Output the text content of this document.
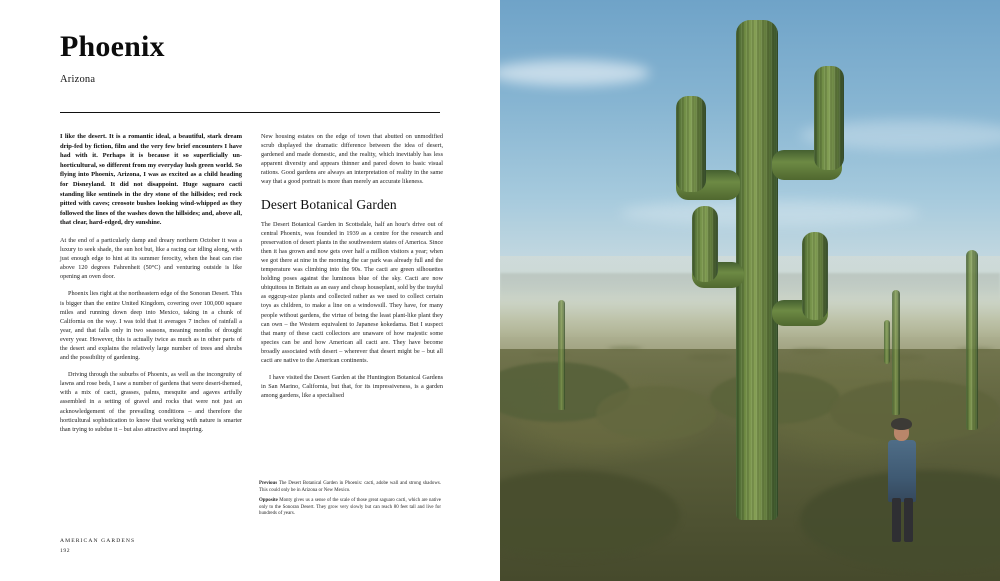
Phoenix
Arizona

I like the desert. It is a romantic ideal, a beautiful, stark dream drip-fed by fiction, film and the very few brief encounters I have had with it. Perhaps it is because it so superficially un-horticultural, so different from my everyday lush green world. So flying into Phoenix, Arizona, I was as excited as a child heading for Disneyland. It did not disappoint. Huge saguaro cacti standing like sentinels in the dry stone of the hillsides; red rock pitted with caves; creosote bushes looking wind-whipped as they followed the lines of the washes down the hillsides; and, above all, that clear, hard-edged, dry sunshine.

At the end of a particularly damp and dreary northern October it was a luxury to seek shade, the sun hot but, like a racing car idling along, with just enough edge to hint at its summer ferocity, when the heat can rise above 120 degrees Fahrenheit (50°C) and venturing outside is like opening an oven door.

Phoenix lies right at the northeastern edge of the Sonoran Desert. This is bigger than the entire United Kingdom, covering over 100,000 square miles and running down deep into Mexico, taking in a chunk of California on the way. I was told that it averages 7 inches of rainfall a year, and that falls only in two seasons, meaning months of drought every year. However, this is actually twice as much as in other parts of the desert and explains the relatively large number of trees and shrubs and the possibility of gardening.

Driving through the suburbs of Phoenix, as well as the incongruity of lawns and rose beds, I saw a number of gardens that were desert-themed, with a mix of cacti, grasses, palms, mesquite and agaves artfully assembled in a setting of gravel and rocks that were not just an acknowledgement of the prevailing conditions – and therefore the horticultural sophistication to know that working with nature is smarter than trying to subdue it – but also attractive and inspiring.

New housing estates on the edge of town that abutted on unmodified scrub displayed the dramatic difference between the idea of desert, gardened and made domestic, and the reality, which inevitably has less apparent diversity and appears thinner and pared down to basic visual rations. Good gardens are always an interpretation of reality in the same way that a good portrait is more than merely an accurate likeness.

Desert Botanical Garden

The Desert Botanical Garden in Scottsdale, half an hour's drive out of central Phoenix, was founded in 1939 as a centre for the research and preservation of desert plants in the southwestern states of America. Since then it has grown and now gets over half a million visitors a year; when we got there at nine in the morning the car park was already full and the temperature was climbing into the 90s. The cacti are green silhouettes holding poses against the luminous blue of the sky. Cacti are now ubiquitous in Britain as an easy and cheap houseplant, sold by the trayful as eggcup-size plants and collected rather as we used to collect certain toys as children, to make a line on a windowsill. They have, for many people without gardens, the virtue of being the least plant-like plant they can own – the Western equivalent to Japanese kokedama. But I suspect that many of these cacti collectors are unaware of how majestic some species can be and how American all cacti are. They have become broadly associated with desert – wherever that desert might be – but all cacti are native to the American continents.

I have visited the Desert Garden at the Huntington Botanical Gardens in San Marino, California, but that, for its impressiveness, is a garden among gardens, like a specialised

Previous The Desert Botanical Garden in Phoenix: cacti, adobe wall and strong shadows. This could only be in Arizona or New Mexico.
Opposite Monty gives us a sense of the scale of those great saguaro cacti, which are native only to the Sonoran Desert. They grow very slowly but can reach 80 feet tall and live for hundreds of years.
AMERICAN GARDENS
192
